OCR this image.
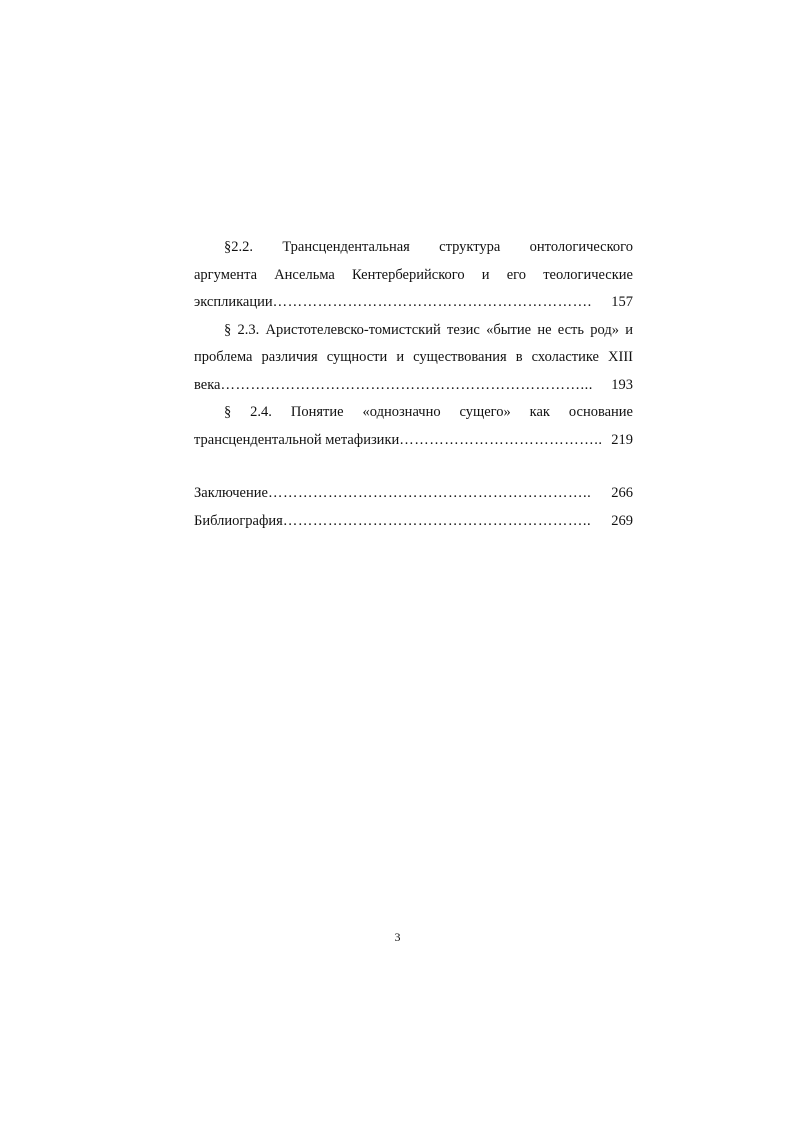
§2.2. Трансцендентальная структура онтологического
аргумента Ансельма Кентерберийского и его теологические
экспликации ……………………………………………………….	157
§ 2.3. Аристотелевско-томистский тезис «бытие не есть род» и
проблема различия сущности и существования в схоластике XIII
века ………………………………………………………………...	193
§ 2.4. Понятие «однозначно сущего» как основание
трансцендентальной метафизики ………………………………….. 219
Заключение ………………………………………………………..	266
Библиография ……………………………………………………..	269
3
